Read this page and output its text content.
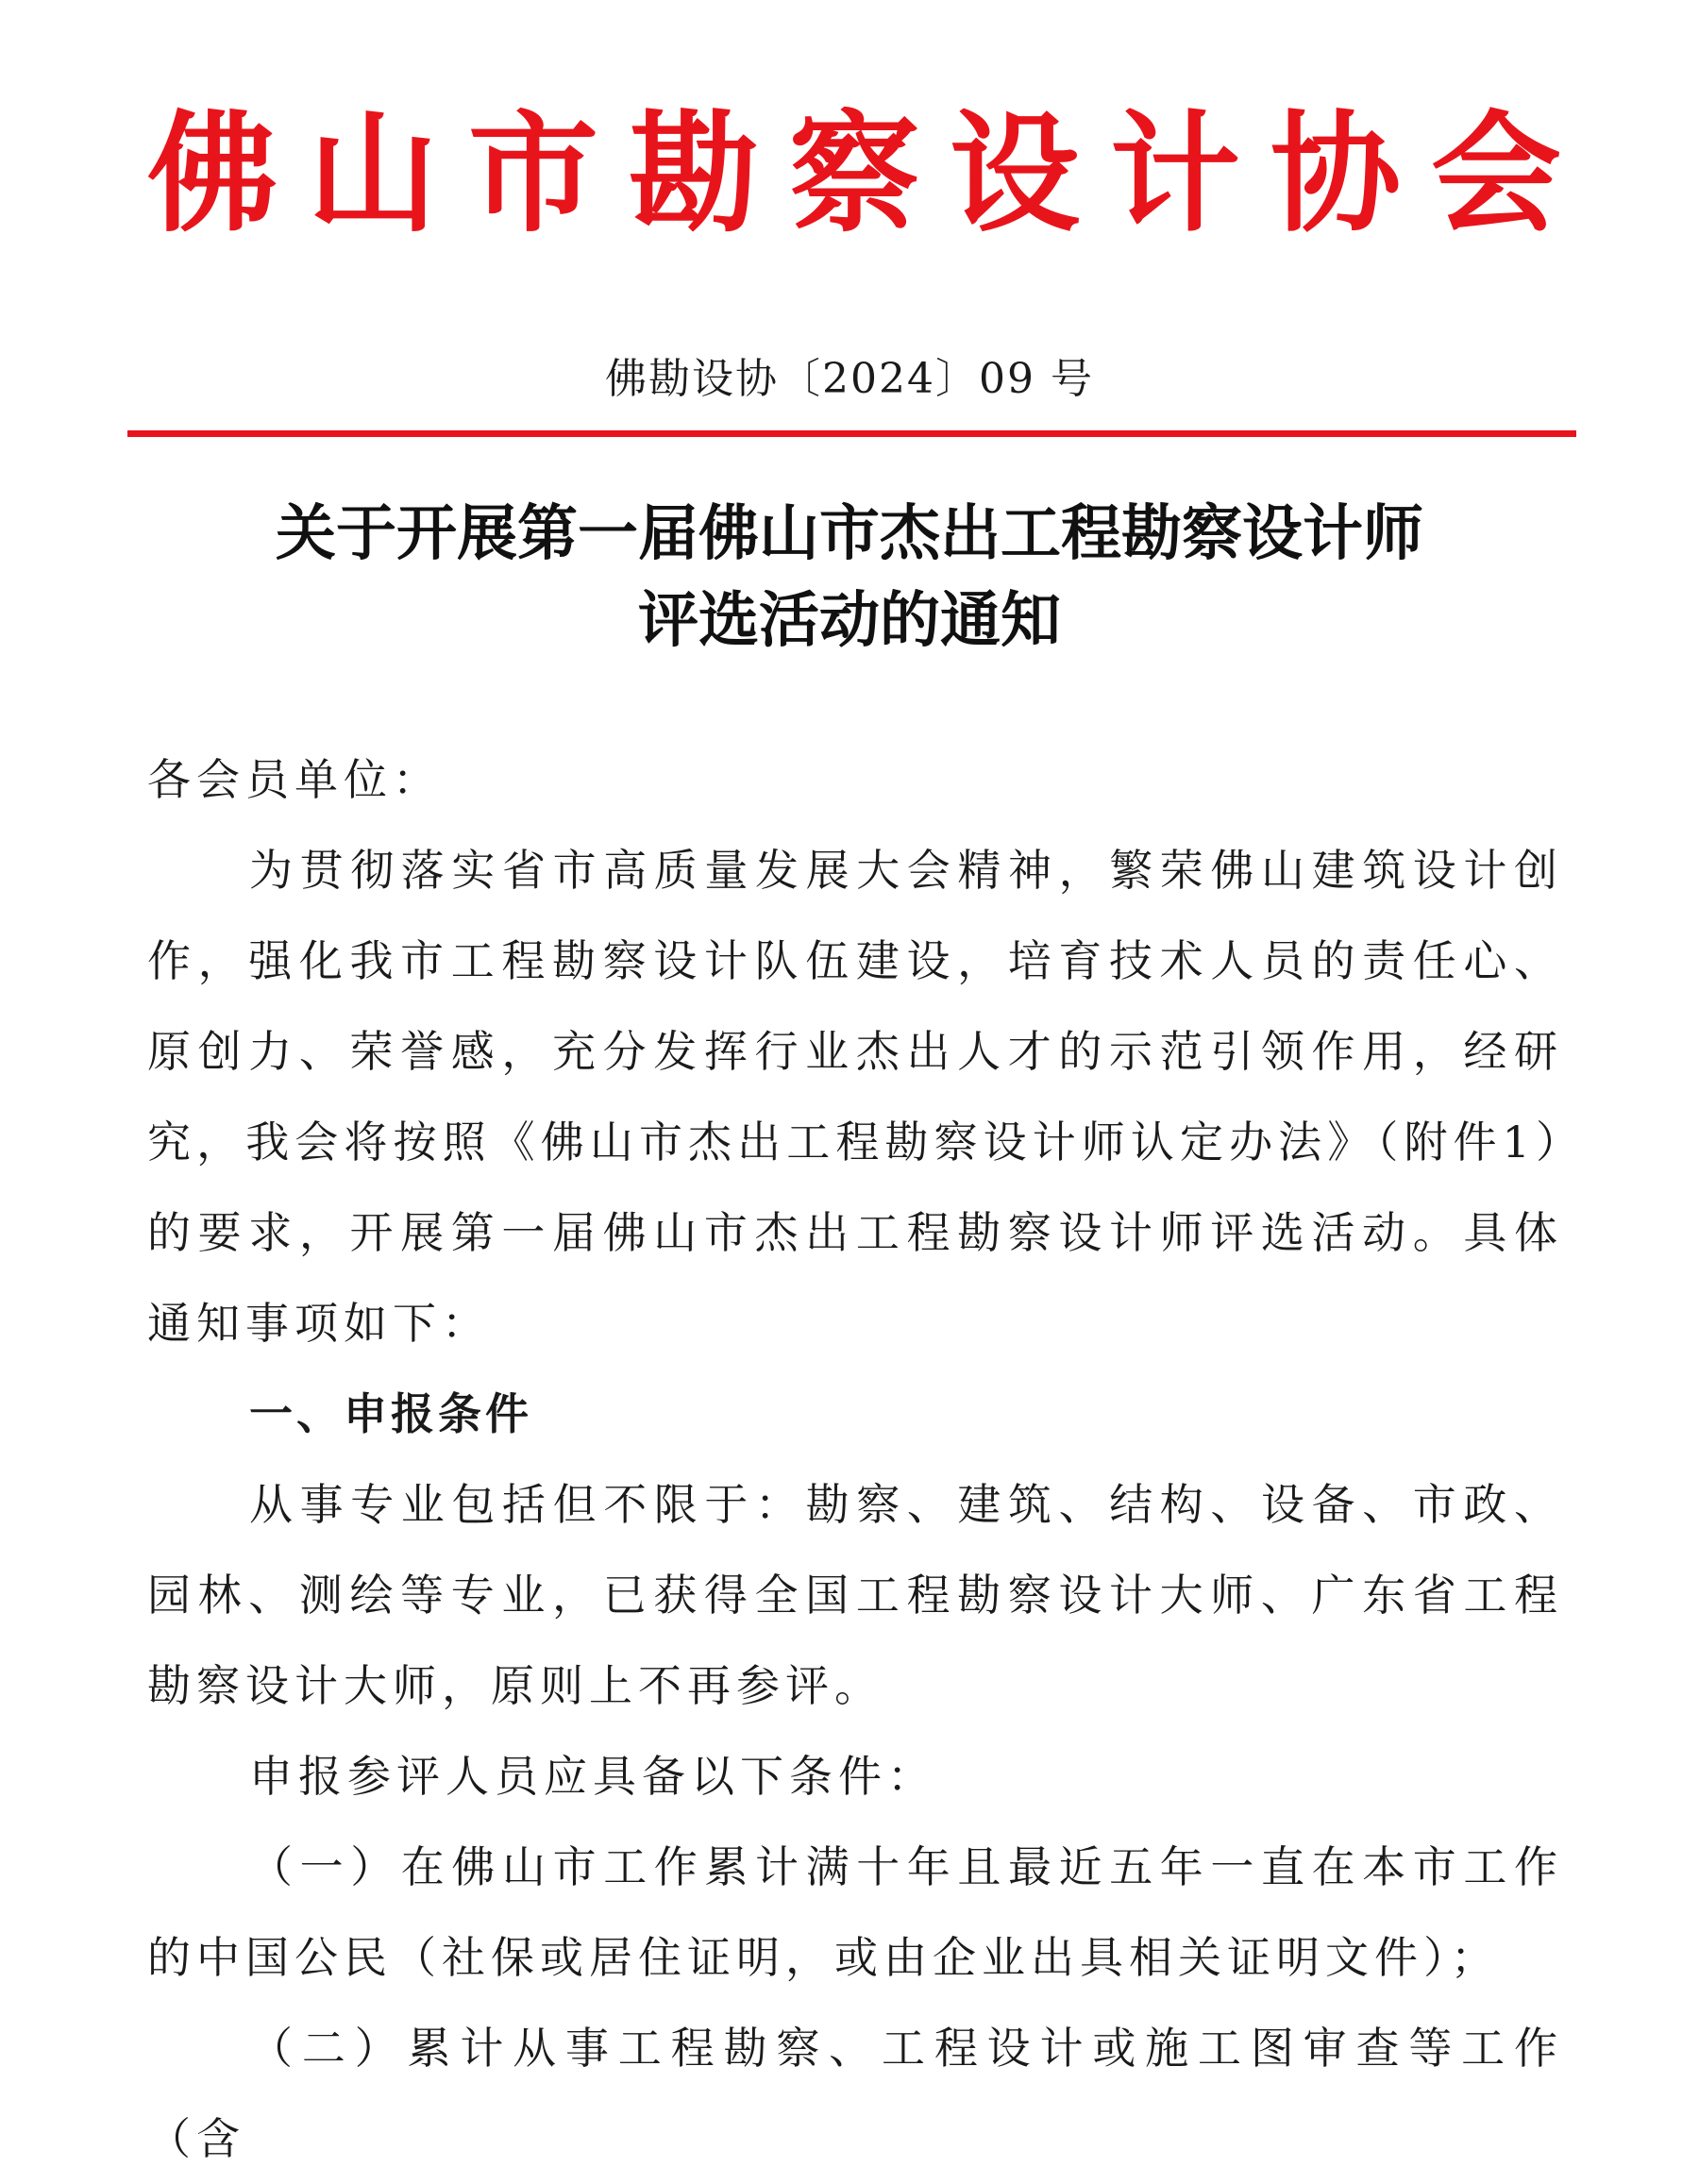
佛 山 市 勘 察 设 计 协 会
佛勘设协〔2024〕09 号
关于开展第一届佛山市杰出工程勘察设计师
评选活动的通知
各会员单位：
为贯彻落实省市高质量发展大会精神，繁荣佛山建筑设计创作，强化我市工程勘察设计队伍建设，培育技术人员的责任心、原创力、荣誉感，充分发挥行业杰出人才的示范引领作用，经研究，我会将按照《佛山市杰出工程勘察设计师认定办法》（附件1）的要求，开展第一届佛山市杰出工程勘察设计师评选活动。具体通知事项如下：
一、申报条件
从事专业包括但不限于：勘察、建筑、结构、设备、市政、园林、测绘等专业，已获得全国工程勘察设计大师、广东省工程勘察设计大师，原则上不再参评。
申报参评人员应具备以下条件：
（一）在佛山市工作累计满十年且最近五年一直在本市工作的中国公民（社保或居住证明，或由企业出具相关证明文件）；
（二）累计从事工程勘察、工程设计或施工图审查等工作（含
